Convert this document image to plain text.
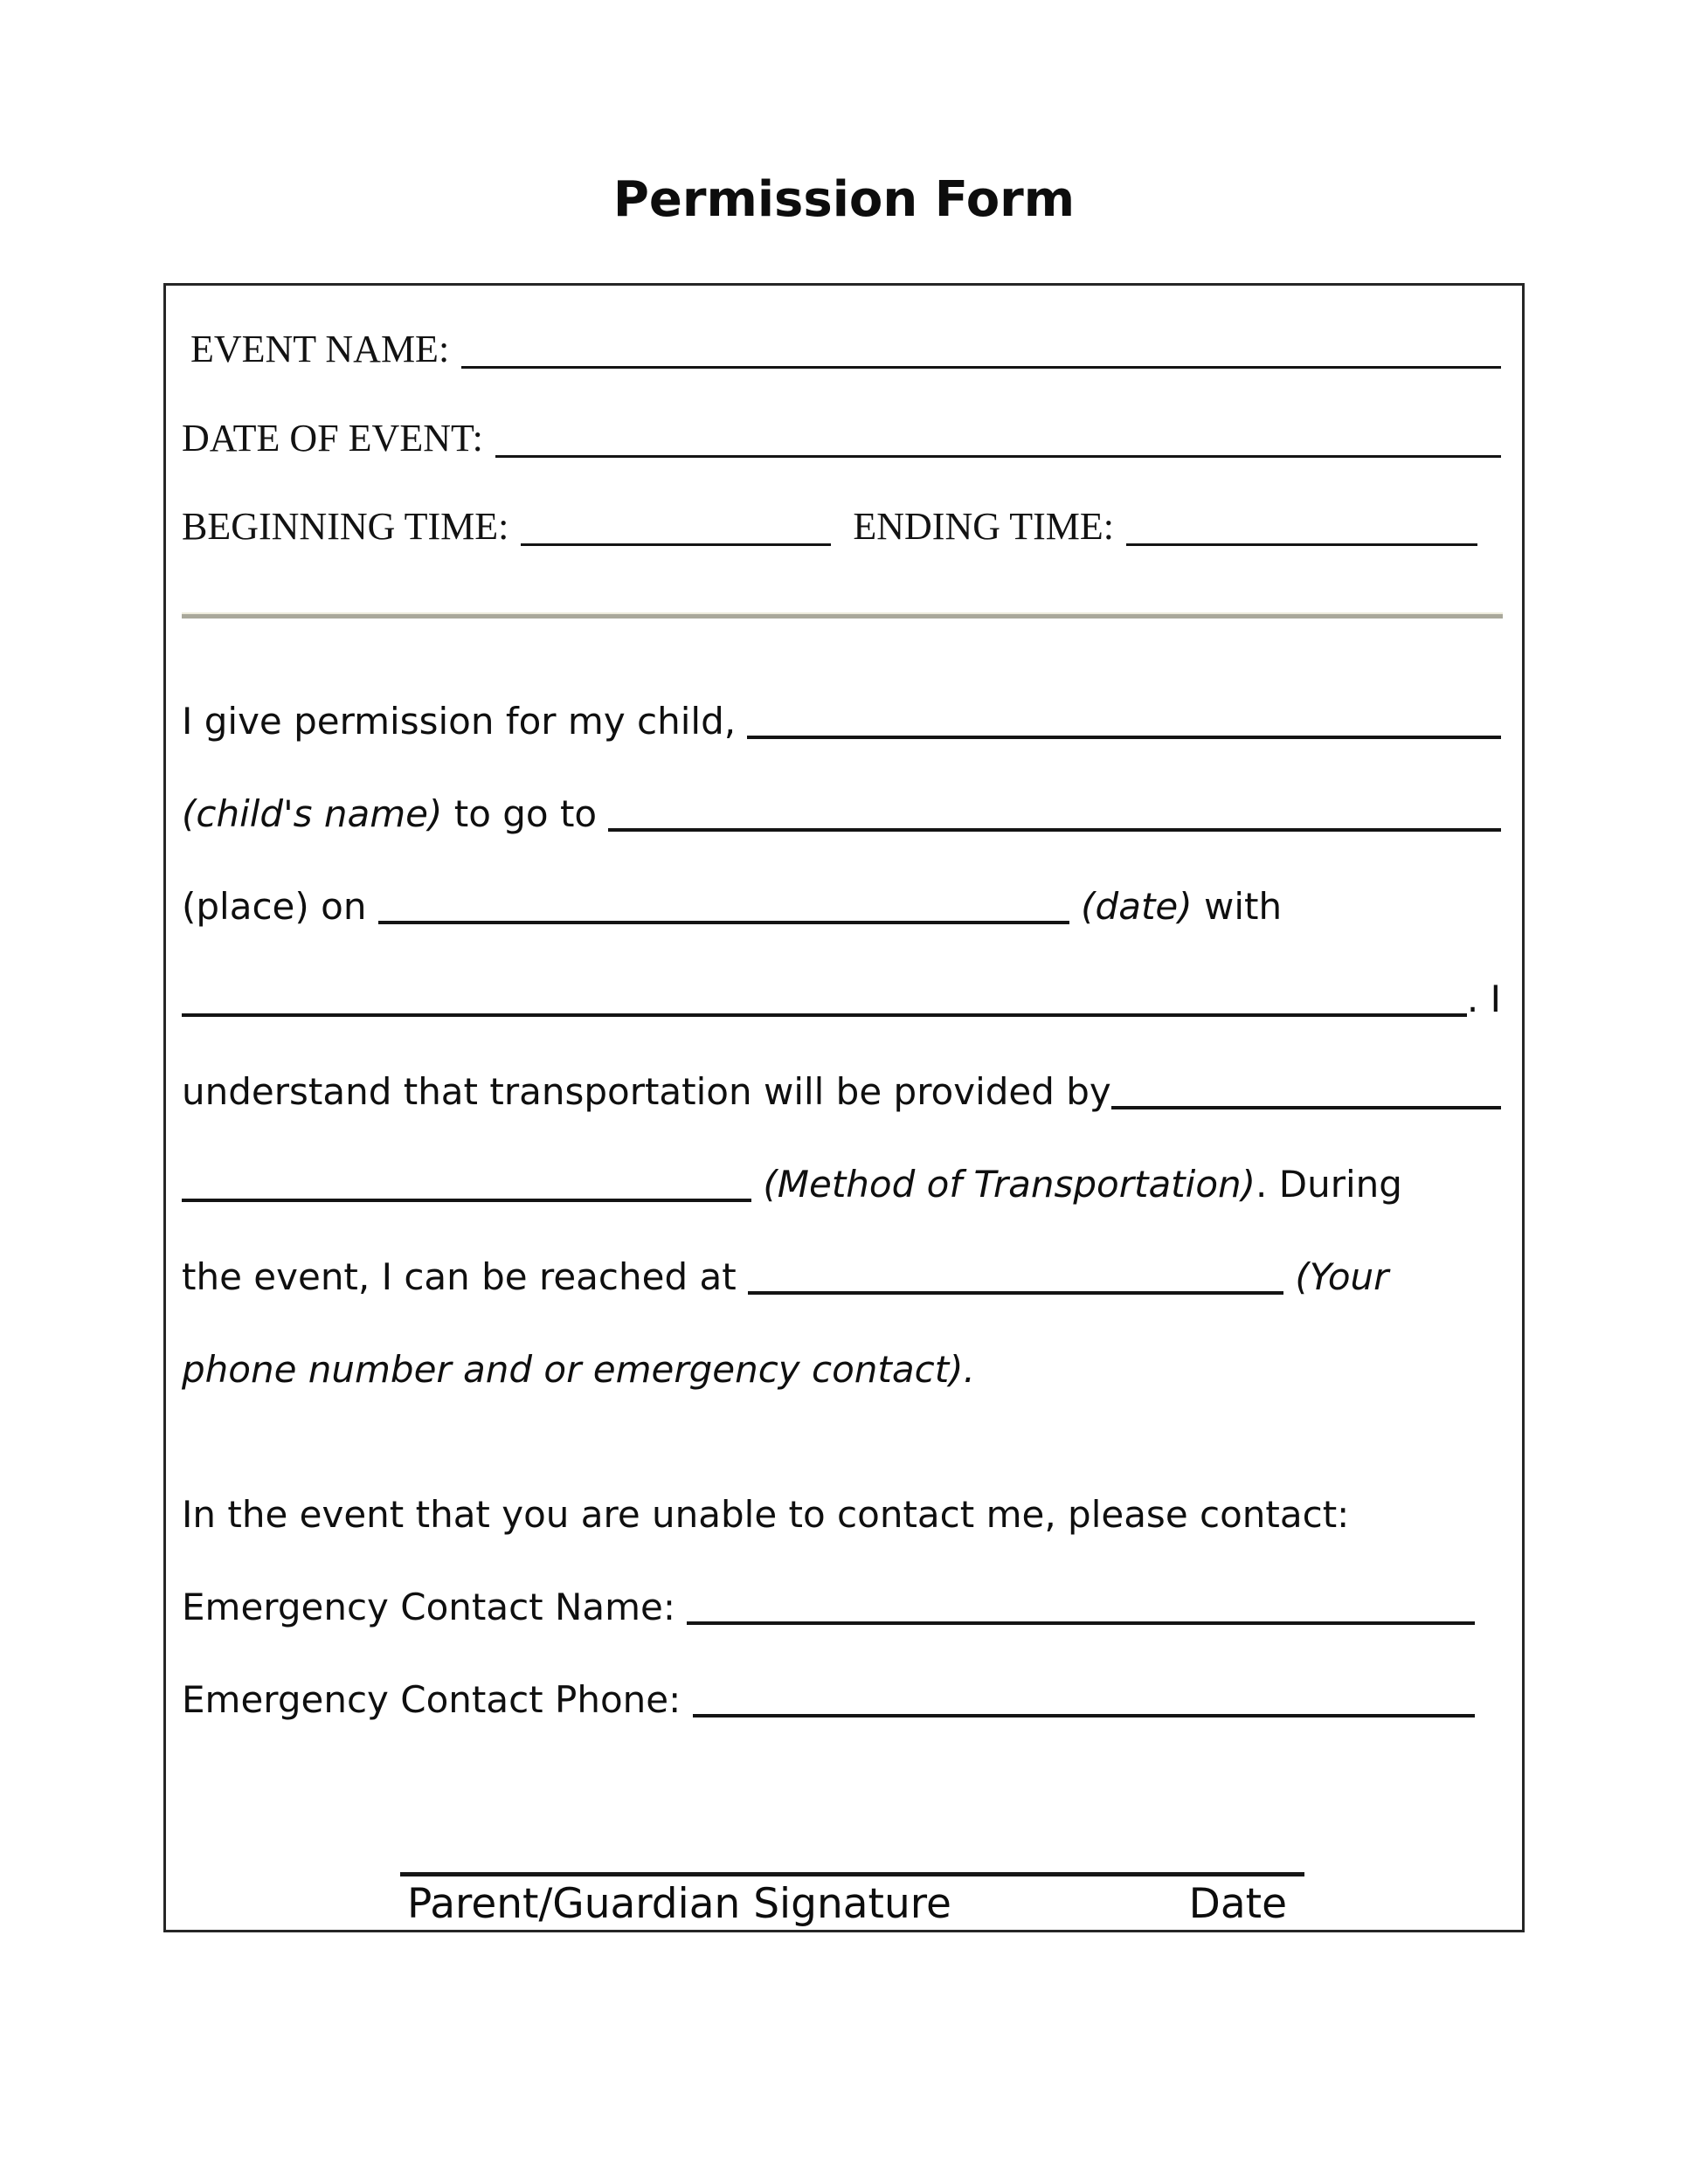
Permission Form
EVENT NAME:
DATE OF EVENT:
BEGINNING TIME:	ENDING TIME:
I give permission for my child,
(child's name) to go to
(place) on
	(date) with
. I
understand that transportation will be provided by

(Method of Transportation) . During
the event, I can be reached at
	(Your
phone number and or emergency contact).
In the event that you are unable to contact me, please contact:
Emergency Contact Name:
Emergency Contact Phone:
Parent/Guardian Signature	Date
